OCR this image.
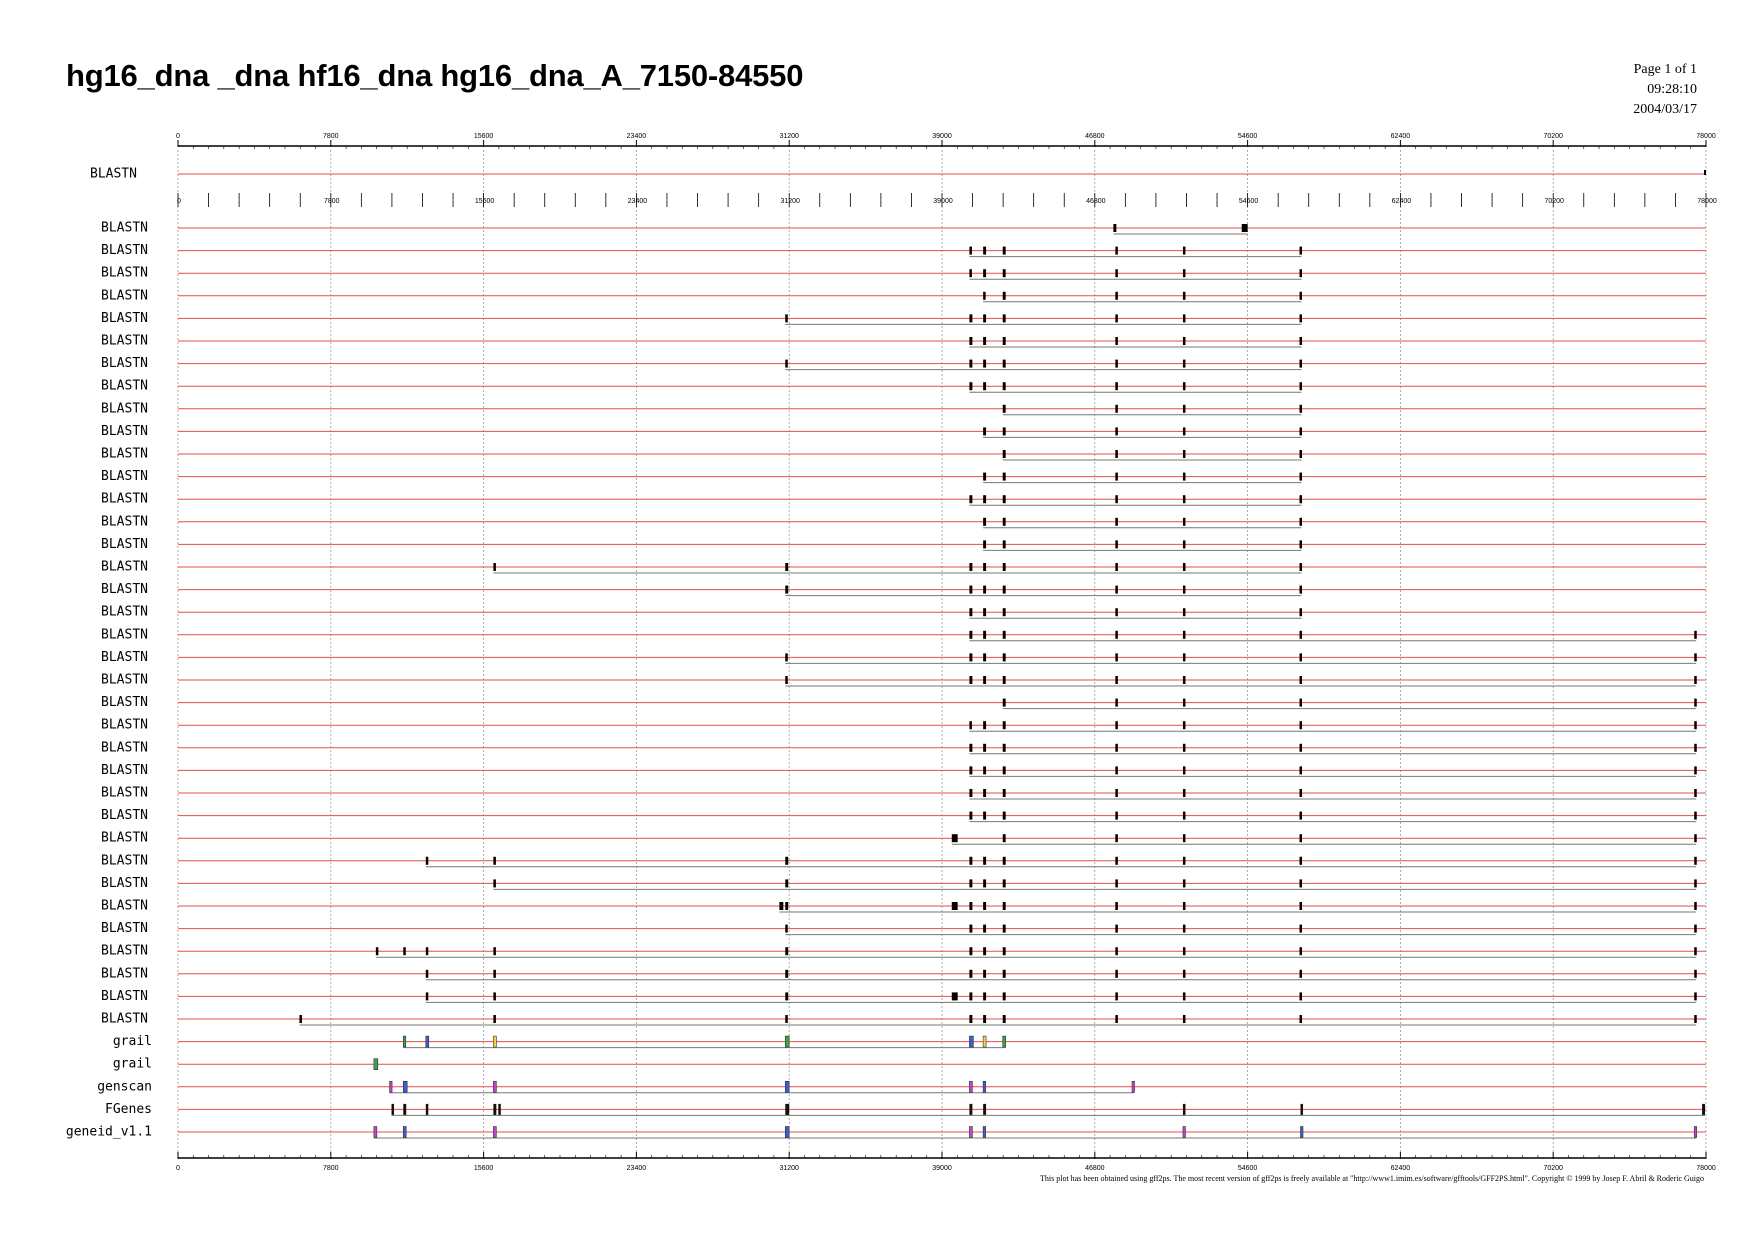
hg16_dna _dna hf16_dna hg16_dna_A_7150-84550	Page 1 of 1
09:28:10
2004/03/17
0	7800	15600	23400	31200	39000	46800	54600	62400	70200	78000
BLASTN
0	7800	15600	23400	31200	39000	46800	54600	62400	70200	78000
BLASTN
BLASTN
BLASTN
BLASTN
BLASTN
BLASTN
BLASTN
BLASTN
BLASTN
BLASTN
BLASTN
BLASTN
BLASTN
BLASTN
BLASTN
BLASTN
BLASTN
BLASTN
BLASTN
BLASTN
BLASTN
BLASTN
BLASTN
BLASTN
BLASTN
BLASTN
BLASTN
BLASTN
BLASTN
BLASTN
BLASTN
BLASTN
BLASTN
BLASTN
BLASTN
BLASTN
grail
grail
genscan
FGenes
geneid_v1.1
0	7800	15600	23400	31200	39000	46800	54600	62400	70200	78000
This plot has been obtained using gff2ps. The most recent version of gff2ps is freely available at "http://www1.imim.es/software/gfftools/GFF2PS.html". Copyright © 1999 by Josep F. Abril & Roderic Guigo
